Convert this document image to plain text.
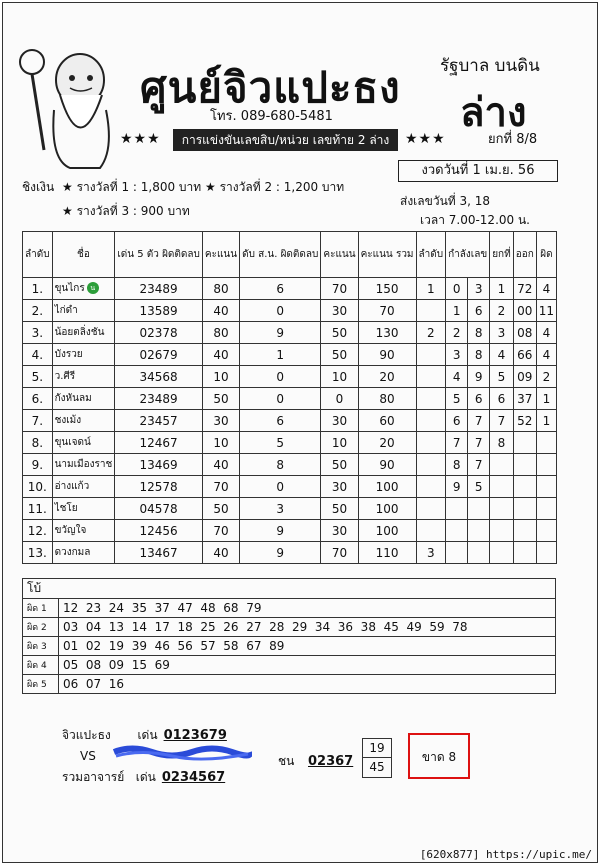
ศูนย์จิวแปะธง
โทร. 089-680-5481
รัฐบาล บนดิน
ล่าง
★★★	การแข่งขันเลขสิบ/หน่วย เลขท้าย 2 ล่าง	★★★	ยกที่ 8/8
งวดวันที่ 1 เม.ย. 56
ส่งเลขวันที่ 3, 18
เวลา 7.00-12.00 น.
ชิงเงิน ★ รางวัลที่ 1 : 1,800 บาท ★ รางวัลที่ 2 : 1,200 บาท
★ รางวัลที่ 3 : 900 บาท
ลำดับ	ชื่อ	เด่น 5 ตัว ผิดติดลบ	คะแนน	ดับ ส.น. ผิดติดลบ	คะแนน	คะแนน รวม	ลำดับ	กำลังเลข		ยกที่	ออก	ผิด
1.	ขุนไกร น	23489	80	6	70	150	1	0	3	1	72	4
2.	ไก่ดำ	13589	40	0	30	70		1	6	2	00	11
3.	น้อยตลิ่งชัน	02378	80	9	50	130	2	2	8	3	08	4
4.	บังรวย	02679	40	1	50	90		3	8	4	66	4
5.	ว.ศีรี	34568	10	0	10	20		4	9	5	09	2
6.	กังหันลม	23489	50	0	0	80		5	6	6	37	1
7.	ชงเม้ง	23457	30	6	30	60		6	7	7	52	1
8.	ขุนเจดน์	12467	10	5	10	20		7	7	8		
9.	นามเมืองราช	13469	40	8	50	90		8	7			
10.	อ่างแก้ว	12578	70	0	30	100		9	5			
11.	ไชโย	04578	50	3	50	100						
12.	ขวัญใจ	12456	70	9	30	100						
13.	ดวงกมล	13467	40	9	70	110	3					
โบ้	
ผิด 1	12  23  24  35  37  47  48  68  79
ผิด 2	03  04  13  14  17  18  25  26  27  28  29  34  36  38  45  49  59  78
ผิด 3	01  02  19  39  46  56  57  58  67  89
ผิด 4	05  08  09  15  69
ผิด 5	06  07  16
จิวแปะธง เด่น 0123679
VS
รวมอาจารย์ เด่น 0234567
ชน $02367 \frac{19}{45}$	ขาด 8
[620x877] https://upic.me/
